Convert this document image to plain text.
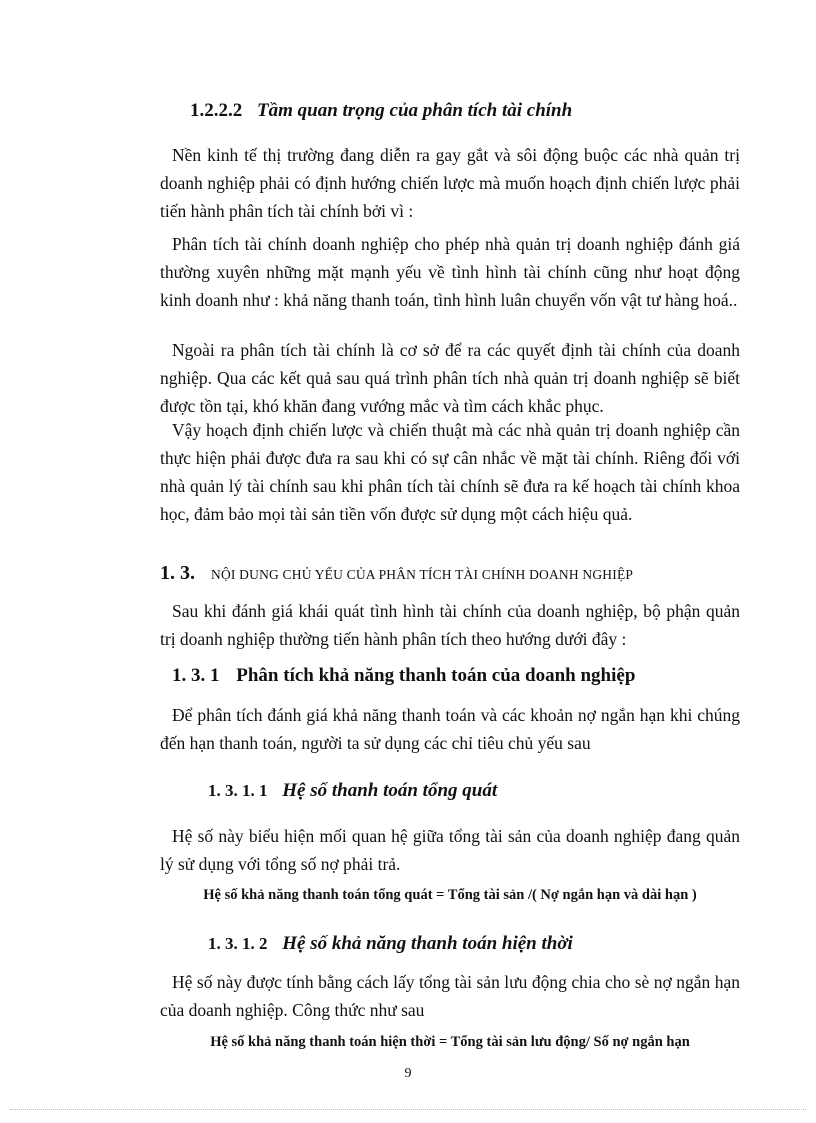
1.2.2.2 Tầm quan trọng của phân tích tài chính

Nền kinh tế thị trường đang diễn ra gay gắt và sôi động buộc các nhà quản trị doanh nghiệp phải có định hướng chiến lược mà muốn hoạch định chiến lược phải tiến hành phân tích tài chính bởi vì :

Phân tích tài chính doanh nghiệp cho phép nhà quản trị doanh nghiệp đánh giá thường xuyên những mặt mạnh yếu về tình hình tài chính cũng như hoạt động kinh doanh như : khả năng thanh toán, tình hình luân chuyển vốn vật tư hàng hoá..

Ngoài ra phân tích tài chính là cơ sở để ra các quyết định tài chính của doanh nghiệp. Qua các kết quả sau quá trình phân tích nhà quản trị doanh nghiệp sẽ biết được tồn tại, khó khăn đang vướng mắc và tìm cách khắc phục.

Vậy hoạch định chiến lược và chiến thuật mà các nhà quản trị doanh nghiệp cần thực hiện phải được đưa ra sau khi có sự cân nhắc về mặt tài chính. Riêng đối với nhà quản lý tài chính sau khi phân tích tài chính sẽ đưa ra kế hoạch tài chính khoa học, đảm bảo mọi tài sản tiền vốn được sử dụng một cách hiệu quả.

1. 3. NỘI DUNG CHỦ YẾU CỦA PHÂN TÍCH TÀI CHÍNH DOANH NGHIỆP

Sau khi đánh giá khái quát tình hình tài chính của doanh nghiệp, bộ phận quản trị doanh nghiệp thường tiến hành phân tích theo hướng dưới đây :

1. 3. 1 Phân tích khả năng thanh toán của doanh nghiệp

Để phân tích đánh giá khả năng thanh toán và các khoản nợ ngắn hạn khi chúng đến hạn thanh toán, người ta sử dụng các chỉ tiêu chủ yếu sau

1. 3. 1. 1 Hệ số thanh toán tổng quát

Hệ số này biểu hiện mối quan hệ giữa tổng tài sản của doanh nghiệp đang quản lý sử dụng với tổng số nợ phải trả.

Hệ số khả năng thanh toán tổng quát = Tổng tài sản /( Nợ ngắn hạn và dài hạn )
1. 3. 1. 2 Hệ số khả năng thanh toán hiện thời

Hệ số này được tính bằng cách lấy tổng tài sản lưu động chia cho sè nợ ngắn hạn của doanh nghiệp. Công thức như sau

Hệ số khả năng thanh toán hiện thời = Tổng tài sản lưu động/ Số nợ ngắn hạn
9
